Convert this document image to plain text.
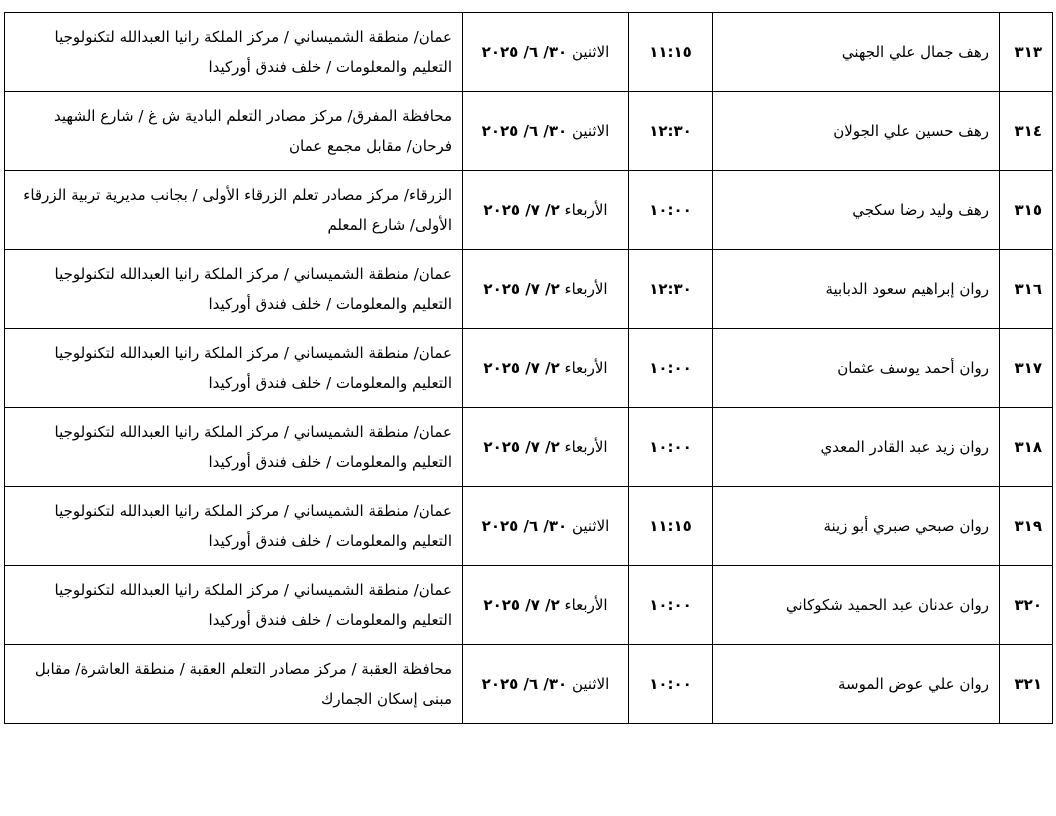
٣١٣	رهف جمال علي الجهني	١١:١٥	الاثنين ٣٠/ ٦/ ٢٠٢٥	عمان/ منطقة الشميساني / مركز الملكة رانيا العبدالله لتكنولوجيا التعليم والمعلومات / خلف فندق أوركيدا
٣١٤	رهف حسين علي الجولان	١٢:٣٠	الاثنين ٣٠/ ٦/ ٢٠٢٥	محافظة المفرق/ مركز مصادر التعلم البادية ش غ / شارع الشهيد فرحان/ مقابل مجمع عمان
٣١٥	رهف وليد رضا سكجي	١٠:٠٠	الأربعاء ٢/ ٧/ ٢٠٢٥	الزرقاء/ مركز مصادر تعلم الزرقاء الأولى / بجانب مديرية تربية الزرقاء الأولى/ شارع المعلم
٣١٦	روان إبراهيم سعود الدبابية	١٢:٣٠	الأربعاء ٢/ ٧/ ٢٠٢٥	عمان/ منطقة الشميساني / مركز الملكة رانيا العبدالله لتكنولوجيا التعليم والمعلومات / خلف فندق أوركيدا
٣١٧	روان أحمد يوسف عثمان	١٠:٠٠	الأربعاء ٢/ ٧/ ٢٠٢٥	عمان/ منطقة الشميساني / مركز الملكة رانيا العبدالله لتكنولوجيا التعليم والمعلومات / خلف فندق أوركيدا
٣١٨	روان زيد عبد القادر المعدي	١٠:٠٠	الأربعاء ٢/ ٧/ ٢٠٢٥	عمان/ منطقة الشميساني / مركز الملكة رانيا العبدالله لتكنولوجيا التعليم والمعلومات / خلف فندق أوركيدا
٣١٩	روان صبحي صبري أبو زينة	١١:١٥	الاثنين ٣٠/ ٦/ ٢٠٢٥	عمان/ منطقة الشميساني / مركز الملكة رانيا العبدالله لتكنولوجيا التعليم والمعلومات / خلف فندق أوركيدا
٣٢٠	روان عدنان عبد الحميد شكوكاني	١٠:٠٠	الأربعاء ٢/ ٧/ ٢٠٢٥	عمان/ منطقة الشميساني / مركز الملكة رانيا العبدالله لتكنولوجيا التعليم والمعلومات / خلف فندق أوركيدا
٣٢١	روان علي عوض الموسة	١٠:٠٠	الاثنين ٣٠/ ٦/ ٢٠٢٥	محافظة العقبة / مركز مصادر التعلم العقبة / منطقة العاشرة/ مقابل مبنى إسكان الجمارك
